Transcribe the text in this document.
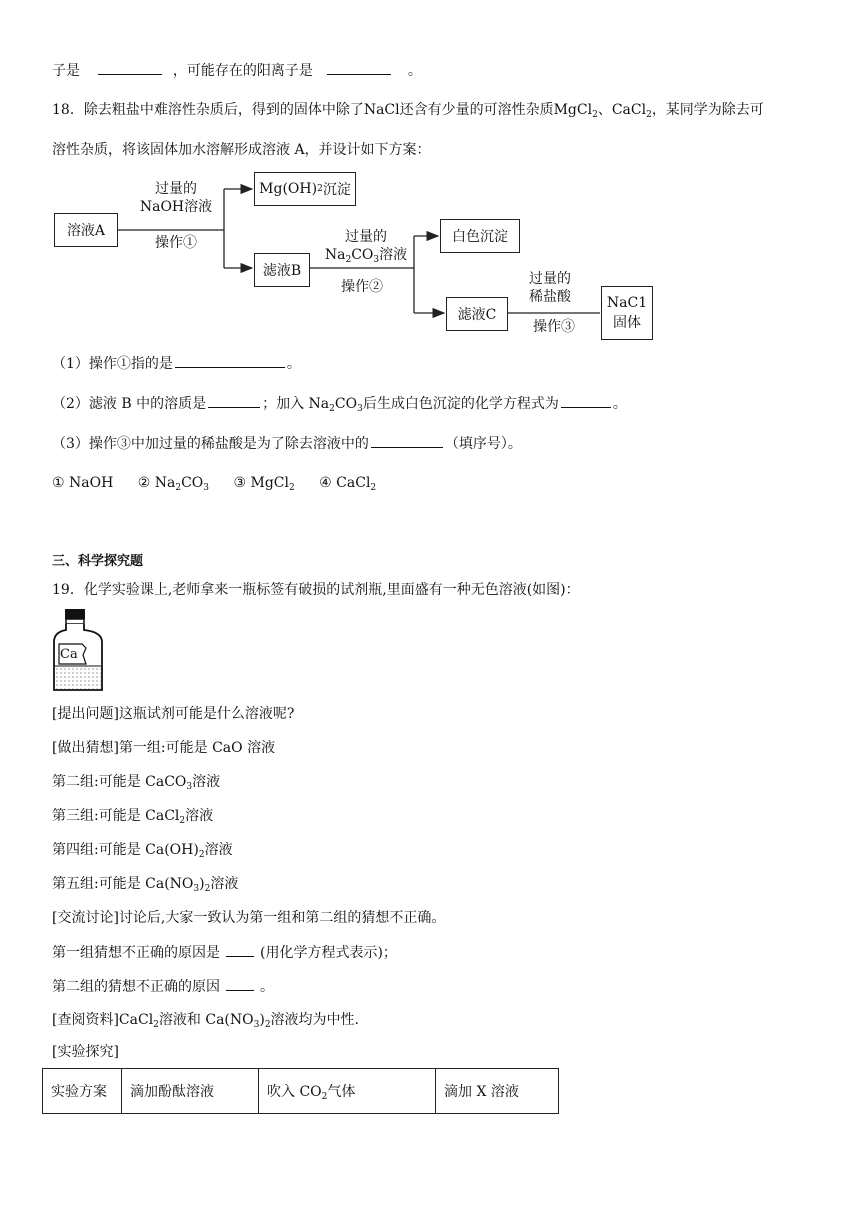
子是	，可能存在的阳离子是	。
18．除去粗盐中难溶性杂质后，得到的固体中除了NaCl还含有少量的可溶性杂质MgCl$_2$、CaCl$_2$，某同学为除去可
溶性杂质，将该固体加水溶解形成溶液 A，并设计如下方案：
溶液A
过量的
NaOH溶液
操作①
Mg(OH) 2 沉淀
滤液B
过量的
$Na_2CO_3$溶液
操作②
白色沉淀
滤液C
过量的
稀盐酸
操作③
NaC1
固体
（1）操作①指的是	。
（2）滤液 B 中的溶质是	；加入 $Na_2CO_3$后生成白色沉淀的化学方程式为	。
（3）操作③中加过量的稀盐酸是为了除去溶液中的	（填序号）。
① NaOH ② $Na_2CO_3$ ③ MgCl$_2$ ④ CaCl$_2$
三、科学探究题
19．化学实验课上,老师拿来一瓶标签有破损的试剂瓶,里面盛有一种无色溶液(如图)：
Ca
[提出问题]这瓶试剂可能是什么溶液呢?
[做出猜想]第一组:可能是 CaO 溶液
第二组:可能是 CaCO$_3$溶液
第三组:可能是 CaCl$_2$溶液
第四组:可能是 $Ca(OH)_2$溶液
第五组:可能是 $Ca(NO_3)_2$溶液
[交流讨论]讨论后,大家一致认为第一组和第二组的猜想不正确。
第一组猜想不正确的原因是	(用化学方程式表示)；
第二组的猜想不正确的原因	。
[查阅资料]CaCl$_2$溶液和 $Ca(NO_3)_2$溶液均为中性.
[实验探究]
实验方案	滴加酚酞溶液	吹入 $CO_2$气体	滴加 X 溶液
